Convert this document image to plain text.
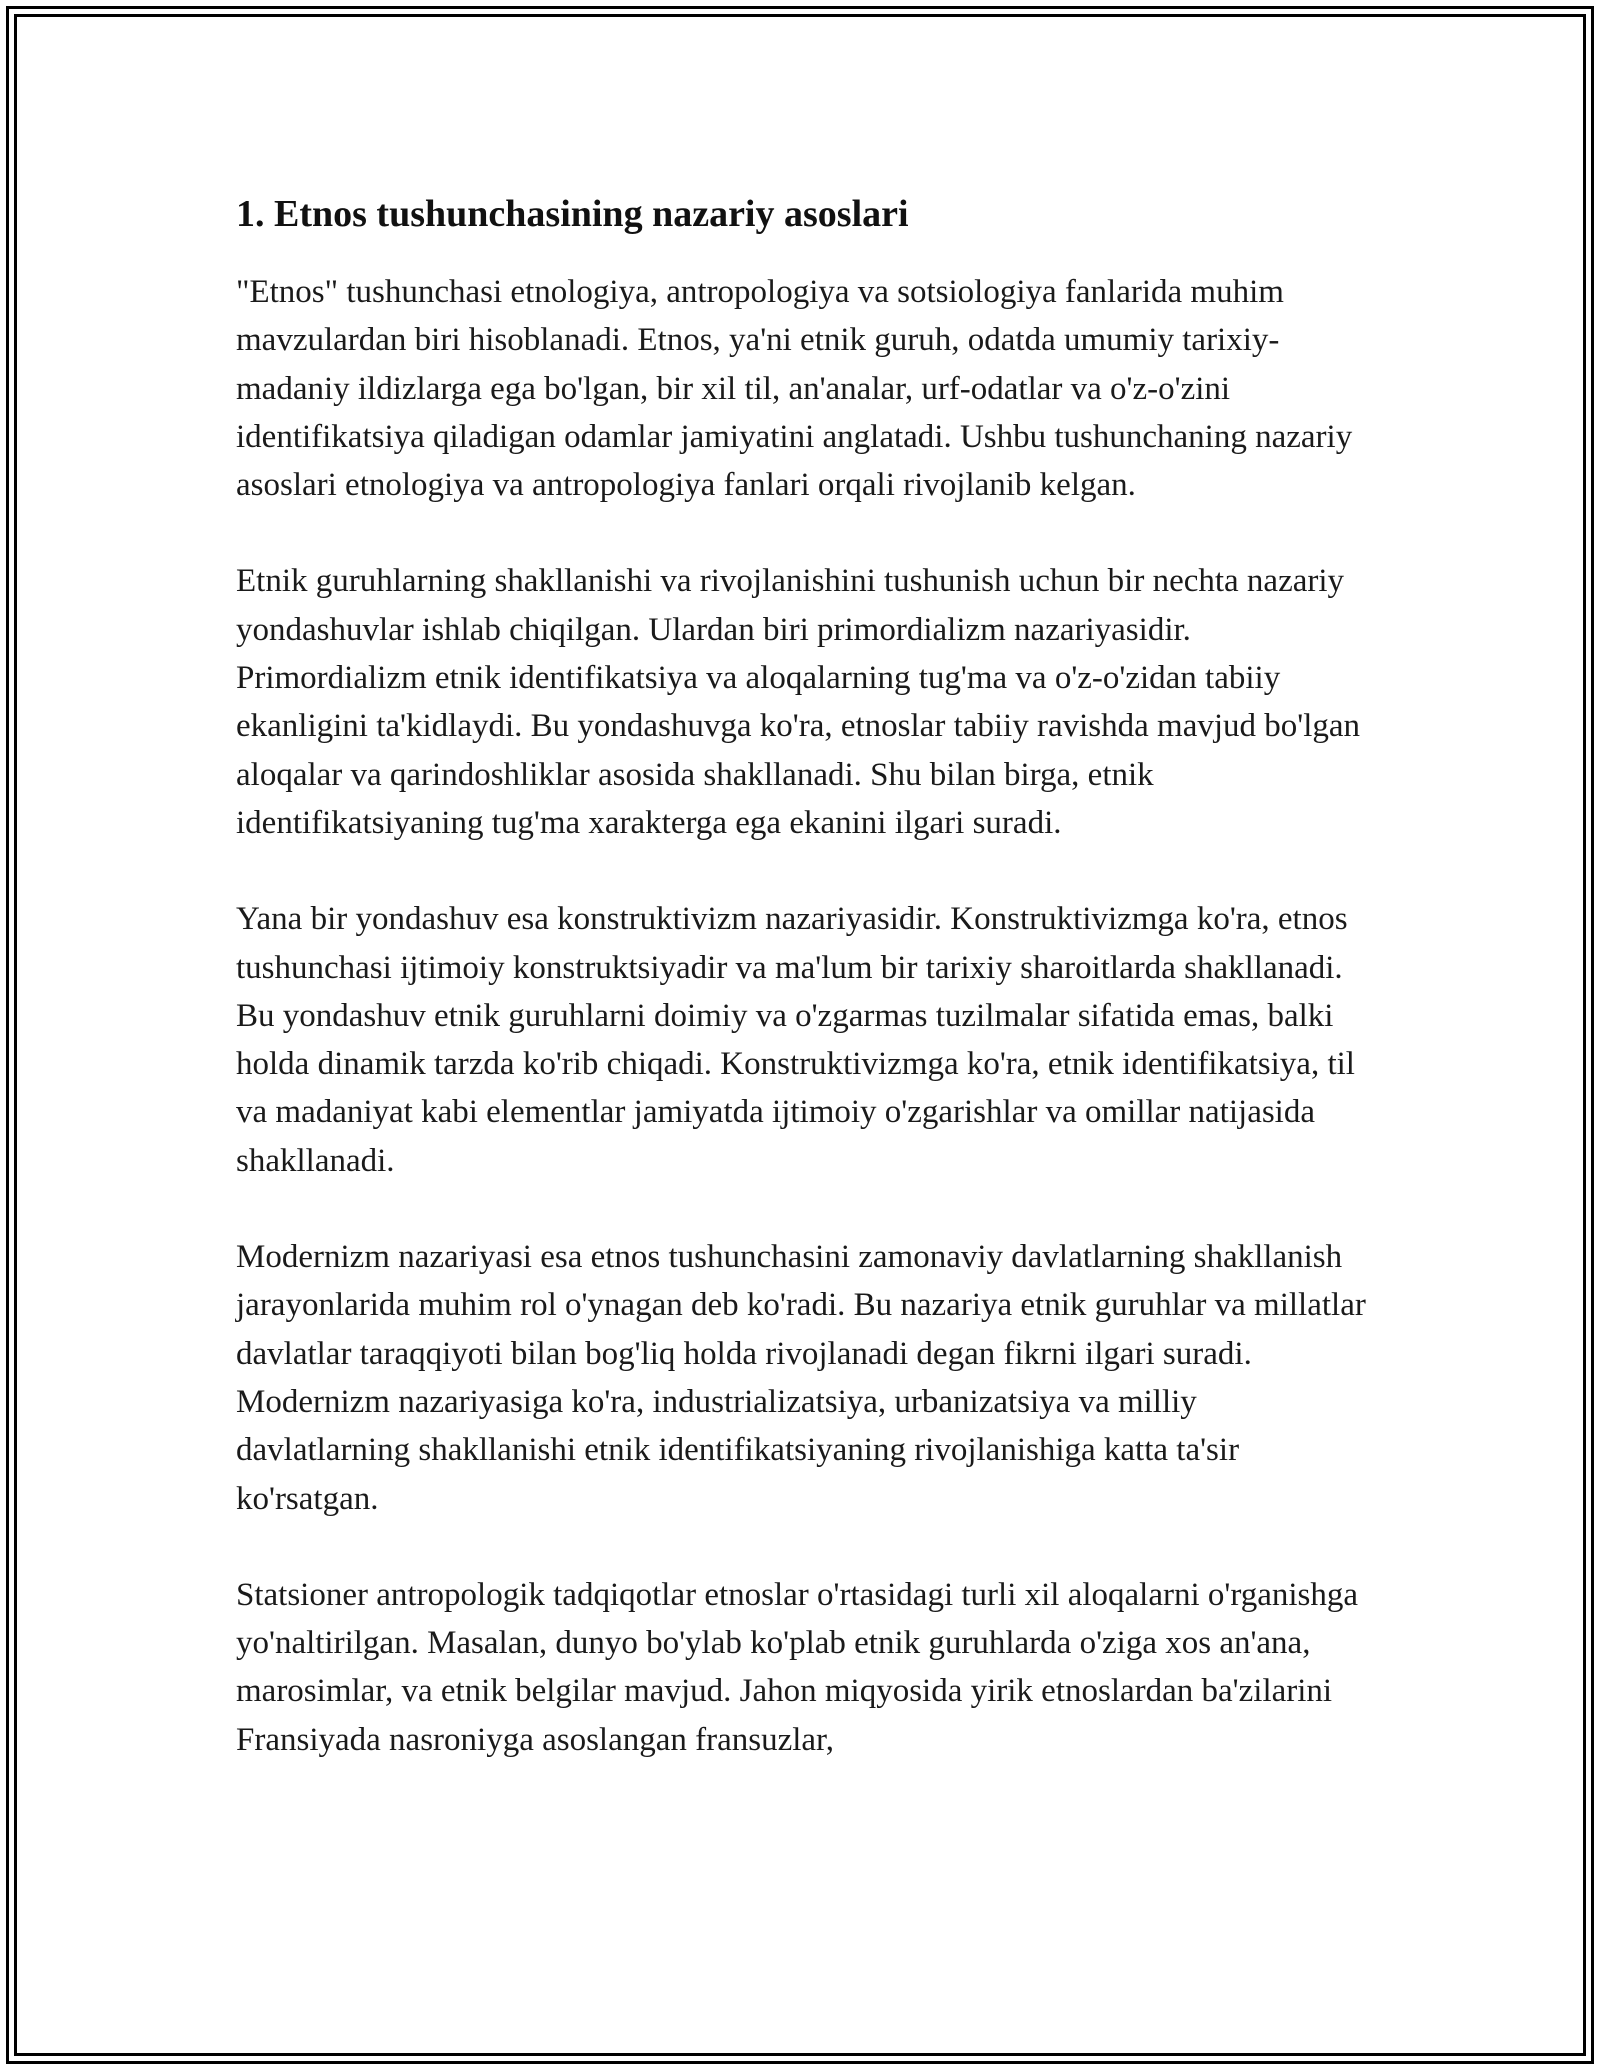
1. Etnos tushunchasining nazariy asoslari

"Etnos" tushunchasi etnologiya, antropologiya va sotsiologiya fanlarida muhim mavzulardan biri hisoblanadi. Etnos, ya'ni etnik guruh, odatda umumiy tarixiy-madaniy ildizlarga ega bo'lgan, bir xil til, an'analar, urf-odatlar va o'z-o'zini identifikatsiya qiladigan odamlar jamiyatini anglatadi. Ushbu tushunchaning nazariy asoslari etnologiya va antropologiya fanlari orqali rivojlanib kelgan.

Etnik guruhlarning shakllanishi va rivojlanishini tushunish uchun bir nechta nazariy yondashuvlar ishlab chiqilgan. Ulardan biri primordializm nazariyasidir. Primordializm etnik identifikatsiya va aloqalarning tug'ma va o'z-o'zidan tabiiy ekanligini ta'kidlaydi. Bu yondashuvga ko'ra, etnoslar tabiiy ravishda mavjud bo'lgan aloqalar va qarindoshliklar asosida shakllanadi. Shu bilan birga, etnik identifikatsiyaning tug'ma xarakterga ega ekanini ilgari suradi.

Yana bir yondashuv esa konstruktivizm nazariyasidir. Konstruktivizmga ko'ra, etnos tushunchasi ijtimoiy konstruktsiyadir va ma'lum bir tarixiy sharoitlarda shakllanadi. Bu yondashuv etnik guruhlarni doimiy va o'zgarmas tuzilmalar sifatida emas, balki holda dinamik tarzda ko'rib chiqadi. Konstruktivizmga ko'ra, etnik identifikatsiya, til va madaniyat kabi elementlar jamiyatda ijtimoiy o'zgarishlar va omillar natijasida shakllanadi.

Modernizm nazariyasi esa etnos tushunchasini zamonaviy davlatlarning shakllanish jarayonlarida muhim rol o'ynagan deb ko'radi. Bu nazariya etnik guruhlar va millatlar davlatlar taraqqiyoti bilan bog'liq holda rivojlanadi degan fikrni ilgari suradi. Modernizm nazariyasiga ko'ra, industrializatsiya, urbanizatsiya va milliy davlatlarning shakllanishi etnik identifikatsiyaning rivojlanishiga katta ta'sir ko'rsatgan.

Statsioner antropologik tadqiqotlar etnoslar o'rtasidagi turli xil aloqalarni o'rganishga yo'naltirilgan. Masalan, dunyo bo'ylab ko'plab etnik guruhlarda o'ziga xos an'ana, marosimlar, va etnik belgilar mavjud. Jahon miqyosida yirik etnoslardan ba'zilarini Fransiyada nasroniyga asoslangan fransuzlar,
